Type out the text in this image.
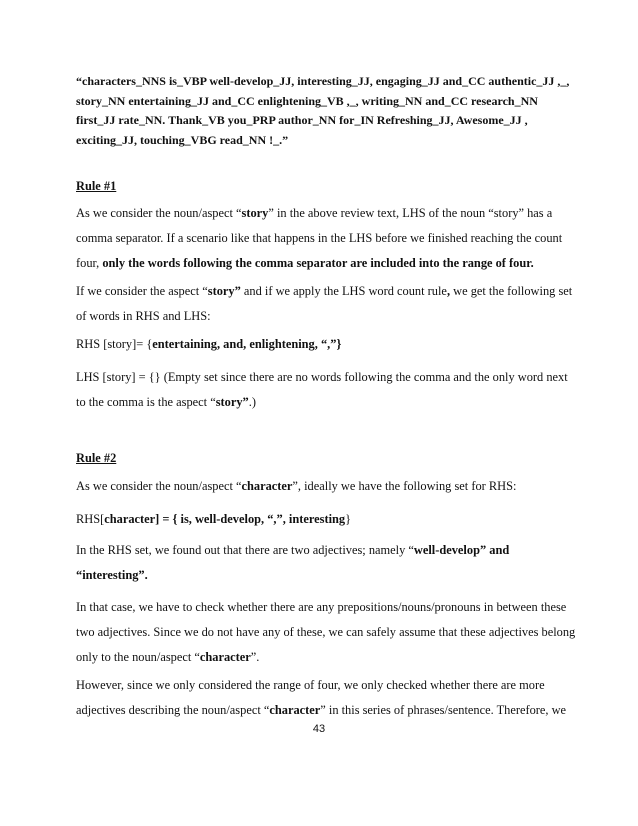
“characters_NNS is_VBP well-develop_JJ, interesting_JJ, engaging_JJ and_CC authentic_JJ ,_, story_NN entertaining_JJ and_CC enlightening_VB ,_, writing_NN and_CC research_NN first_JJ rate_NN. Thank_VB you_PRP author_NN for_IN Refreshing_JJ, Awesome_JJ , exciting_JJ, touching_VBG read_NN !_.”
Rule #1

As we consider the noun/aspect “story” in the above review text, LHS of the noun “story” has a comma separator. If a scenario like that happens in the LHS before we finished reaching the count four, only the words following the comma separator are included into the range of four.

If we consider the aspect “story” and if we apply the LHS word count rule, we get the following set of words in RHS and LHS:

RHS [story]= {entertaining, and, enlightening, “,”}

LHS [story] = {} (Empty set since there are no words following the comma and the only word next to the comma is the aspect “story”.)

Rule #2

As we consider the noun/aspect “character”, ideally we have the following set for RHS:

RHS[character] = { is, well-develop, “,”, interesting}

In the RHS set, we found out that there are two adjectives; namely “well-develop” and “interesting”.

In that case, we have to check whether there are any prepositions/nouns/pronouns in between these two adjectives. Since we do not have any of these, we can safely assume that these adjectives belong only to the noun/aspect “character”.

However, since we only considered the range of four, we only checked whether there are more adjectives describing the noun/aspect “character” in this series of phrases/sentence. Therefore, we

43
